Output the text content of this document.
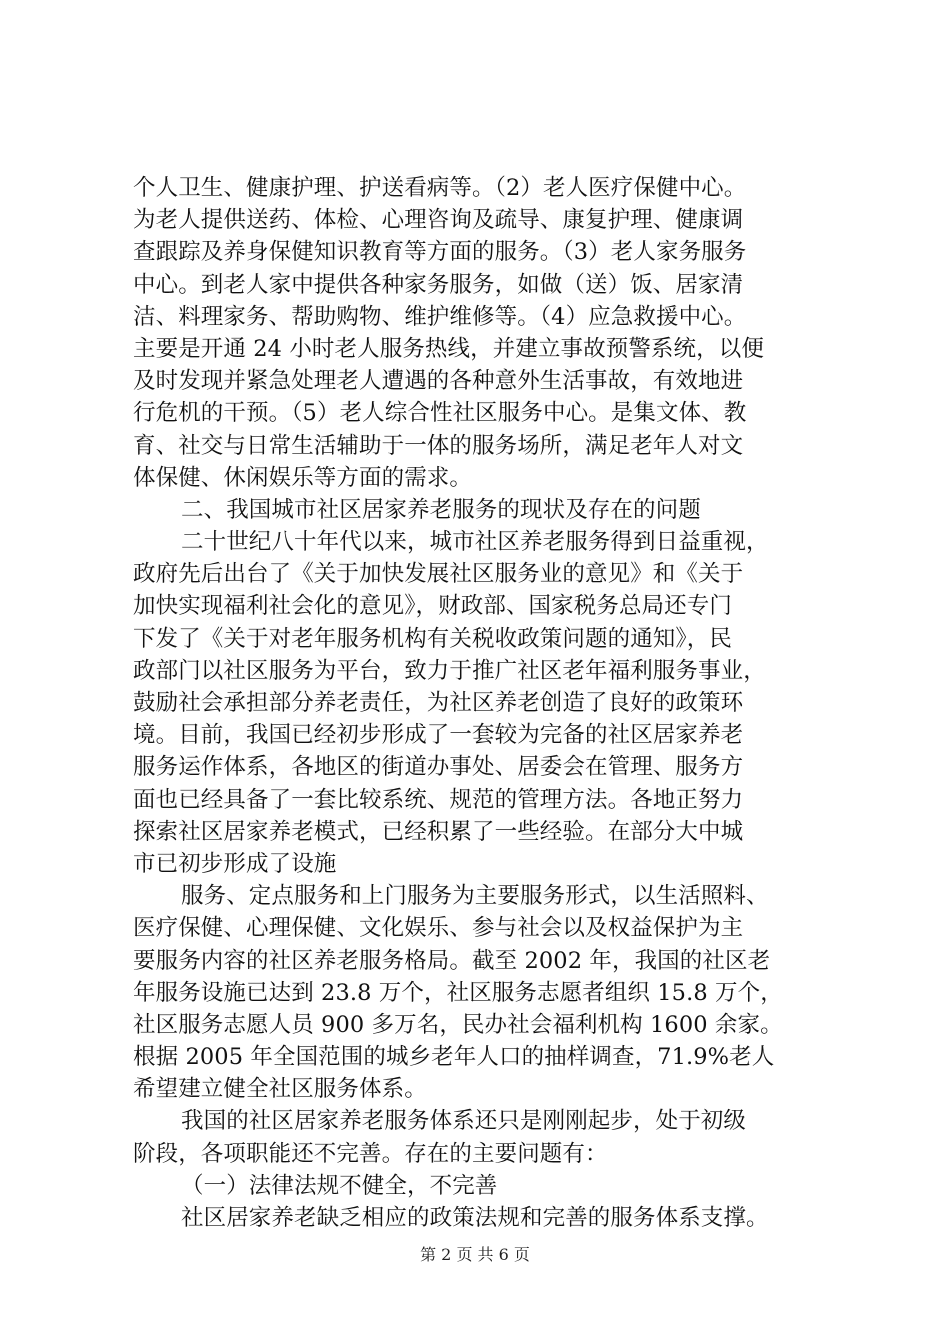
个人卫生、健康护理、护送看病等。（2）老人医疗保健中心。
为老人提供送药、体检、心理咨询及疏导、康复护理、健康调
查跟踪及养身保健知识教育等方面的服务。（3）老人家务服务
中心。到老人家中提供各种家务服务，如做（送）饭、居家清
洁、料理家务、帮助购物、维护维修等。（4）应急救援中心。
主要是开通 24 小时老人服务热线，并建立事故预警系统，以便
及时发现并紧急处理老人遭遇的各种意外生活事故，有效地进
行危机的干预。（5）老人综合性社区服务中心。是集文体、教
育、社交与日常生活辅助于一体的服务场所，满足老年人对文
体保健、休闲娱乐等方面的需求。
二、我国城市社区居家养老服务的现状及存在的问题
二十世纪八十年代以来，城市社区养老服务得到日益重视，
政府先后出台了《关于加快发展社区服务业的意见》和《关于
加快实现福利社会化的意见》，财政部、国家税务总局还专门
下发了《关于对老年服务机构有关税收政策问题的通知》，民
政部门以社区服务为平台，致力于推广社区老年福利服务事业，
鼓励社会承担部分养老责任，为社区养老创造了良好的政策环
境。目前，我国已经初步形成了一套较为完备的社区居家养老
服务运作体系，各地区的街道办事处、居委会在管理、服务方
面也已经具备了一套比较系统、规范的管理方法。各地正努力
探索社区居家养老模式，已经积累了一些经验。在部分大中城
市已初步形成了设施
服务、定点服务和上门服务为主要服务形式，以生活照料、
医疗保健、心理保健、文化娱乐、参与社会以及权益保护为主
要服务内容的社区养老服务格局。截至 2002 年，我国的社区老
年服务设施已达到 23.8 万个，社区服务志愿者组织 15.8 万个，
社区服务志愿人员 900 多万名，民办社会福利机构 1600 余家。
根据 2005 年全国范围的城乡老年人口的抽样调查，71.9%老人
希望建立健全社区服务体系。
我国的社区居家养老服务体系还只是刚刚起步，处于初级
阶段，各项职能还不完善。存在的主要问题有：
（一）法律法规不健全，不完善
社区居家养老缺乏相应的政策法规和完善的服务体系支撑。
第 2 页 共 6 页
